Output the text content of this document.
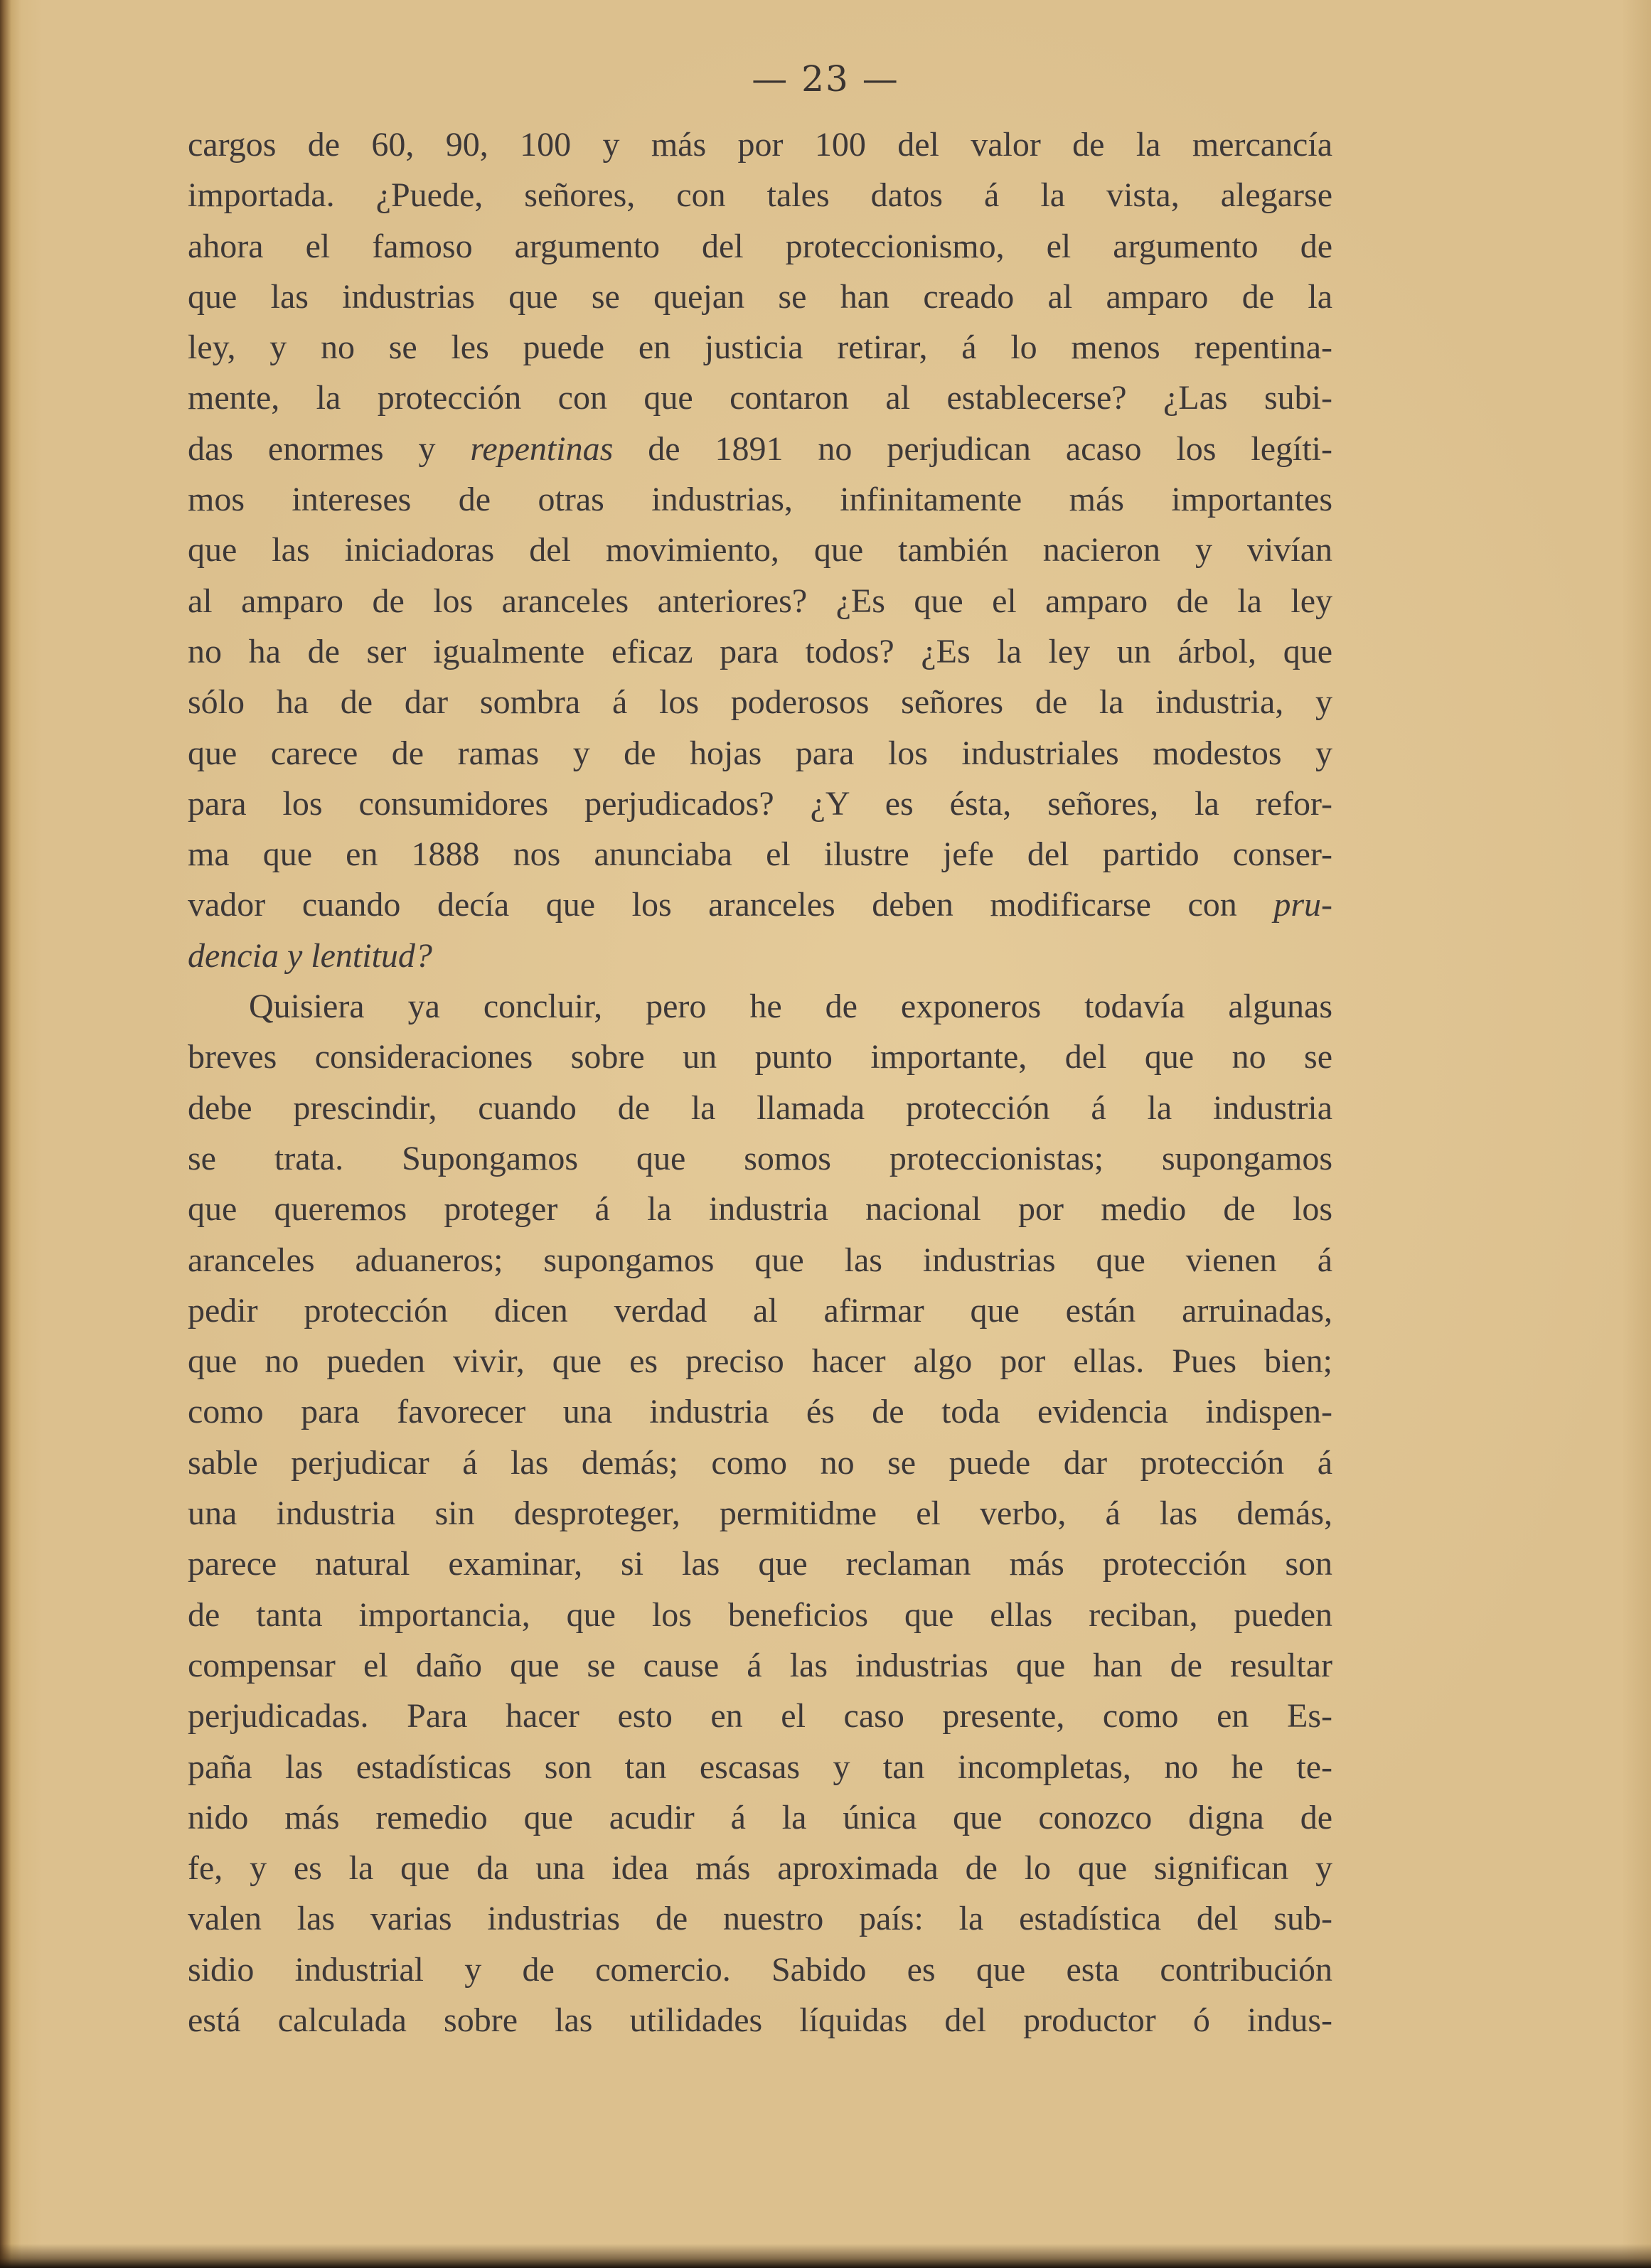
— 23 —
cargos de 60, 90, 100 y más por 100 del valor de la mercancía
importada. ¿Puede, señores, con tales datos á la vista, alegarse
ahora el famoso argumento del proteccionismo, el argumento de
que las industrias que se quejan se han creado al amparo de la
ley, y no se les puede en justicia retirar, á lo menos repentina-
mente, la protección con que contaron al establecerse? ¿Las subi-
das enormes y repentinas de 1891 no perjudican acaso los legíti-
mos intereses de otras industrias, infinitamente más importantes
que las iniciadoras del movimiento, que también nacieron y vivían
al amparo de los aranceles anteriores? ¿Es que el amparo de la ley
no ha de ser igualmente eficaz para todos? ¿Es la ley un árbol, que
sólo ha de dar sombra á los poderosos señores de la industria, y
que carece de ramas y de hojas para los industriales modestos y
para los consumidores perjudicados? ¿Y es ésta, señores, la refor-
ma que en 1888 nos anunciaba el ilustre jefe del partido conser-
vador cuando decía que los aranceles deben modificarse con pru-
dencia y lentitud?
Quisiera ya concluir, pero he de exponeros todavía algunas
breves consideraciones sobre un punto importante, del que no se
debe prescindir, cuando de la llamada protección á la industria
se trata. Supongamos que somos proteccionistas; supongamos
que queremos proteger á la industria nacional por medio de los
aranceles aduaneros; supongamos que las industrias que vienen á
pedir protección dicen verdad al afirmar que están arruinadas,
que no pueden vivir, que es preciso hacer algo por ellas. Pues bien;
como para favorecer una industria és de toda evidencia indispen-
sable perjudicar á las demás; como no se puede dar protección á
una industria sin desproteger, permitidme el verbo, á las demás,
parece natural examinar, si las que reclaman más protección son
de tanta importancia, que los beneficios que ellas reciban, pueden
compensar el daño que se cause á las industrias que han de resultar
perjudicadas. Para hacer esto en el caso presente, como en Es-
paña las estadísticas son tan escasas y tan incompletas, no he te-
nido más remedio que acudir á la única que conozco digna de
fe, y es la que da una idea más aproximada de lo que significan y
valen las varias industrias de nuestro país: la estadística del sub-
sidio industrial y de comercio. Sabido es que esta contribución
está calculada sobre las utilidades líquidas del productor ó indus-
